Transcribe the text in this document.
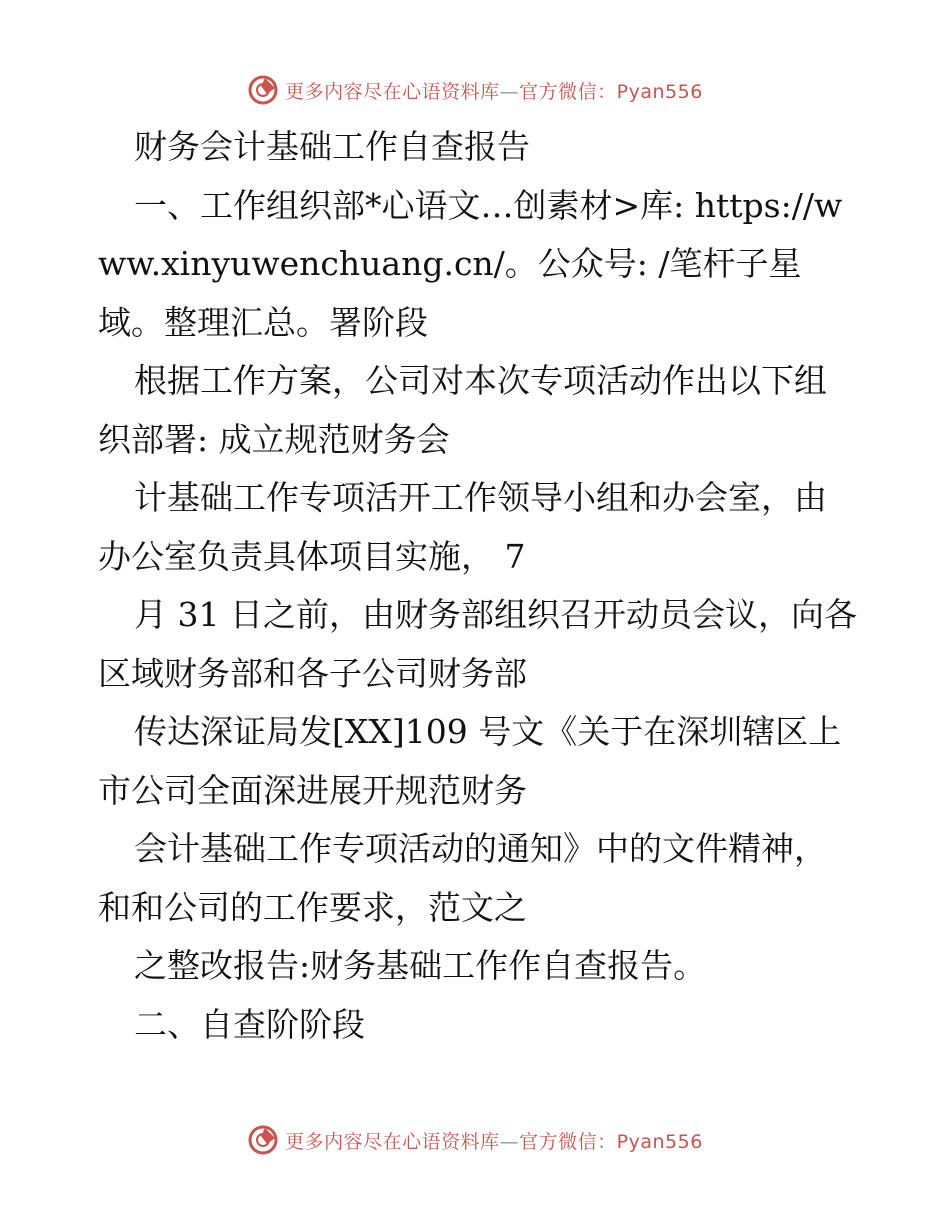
更多内容尽在心语资料库—官方微信：Pyan556

财务会计基础工作自查报告

一、工作组织部*心语文…创素材>库: https://www.xinyuwenchuang.cn/。公众号: /笔杆子星域。整理汇总。署阶段

根据工作方案，公司对本次专项活动作出以下组织部署: 成立规范财务会

计基础工作专项活开工作领导小组和办会室，由办公室负责具体项目实施， 7

月 31 日之前，由财务部组织召开动员会议，向各区域财务部和各子公司财务部

传达深证局发[XX]109 号文《关于在深圳辖区上市公司全面深进展开规范财务

会计基础工作专项活动的通知》中的文件精神，和和公司的工作要求，范文之

之整改报告:财务基础工作作自查报告。

二、自查阶阶段

更多内容尽在心语资料库—官方微信：Pyan556
